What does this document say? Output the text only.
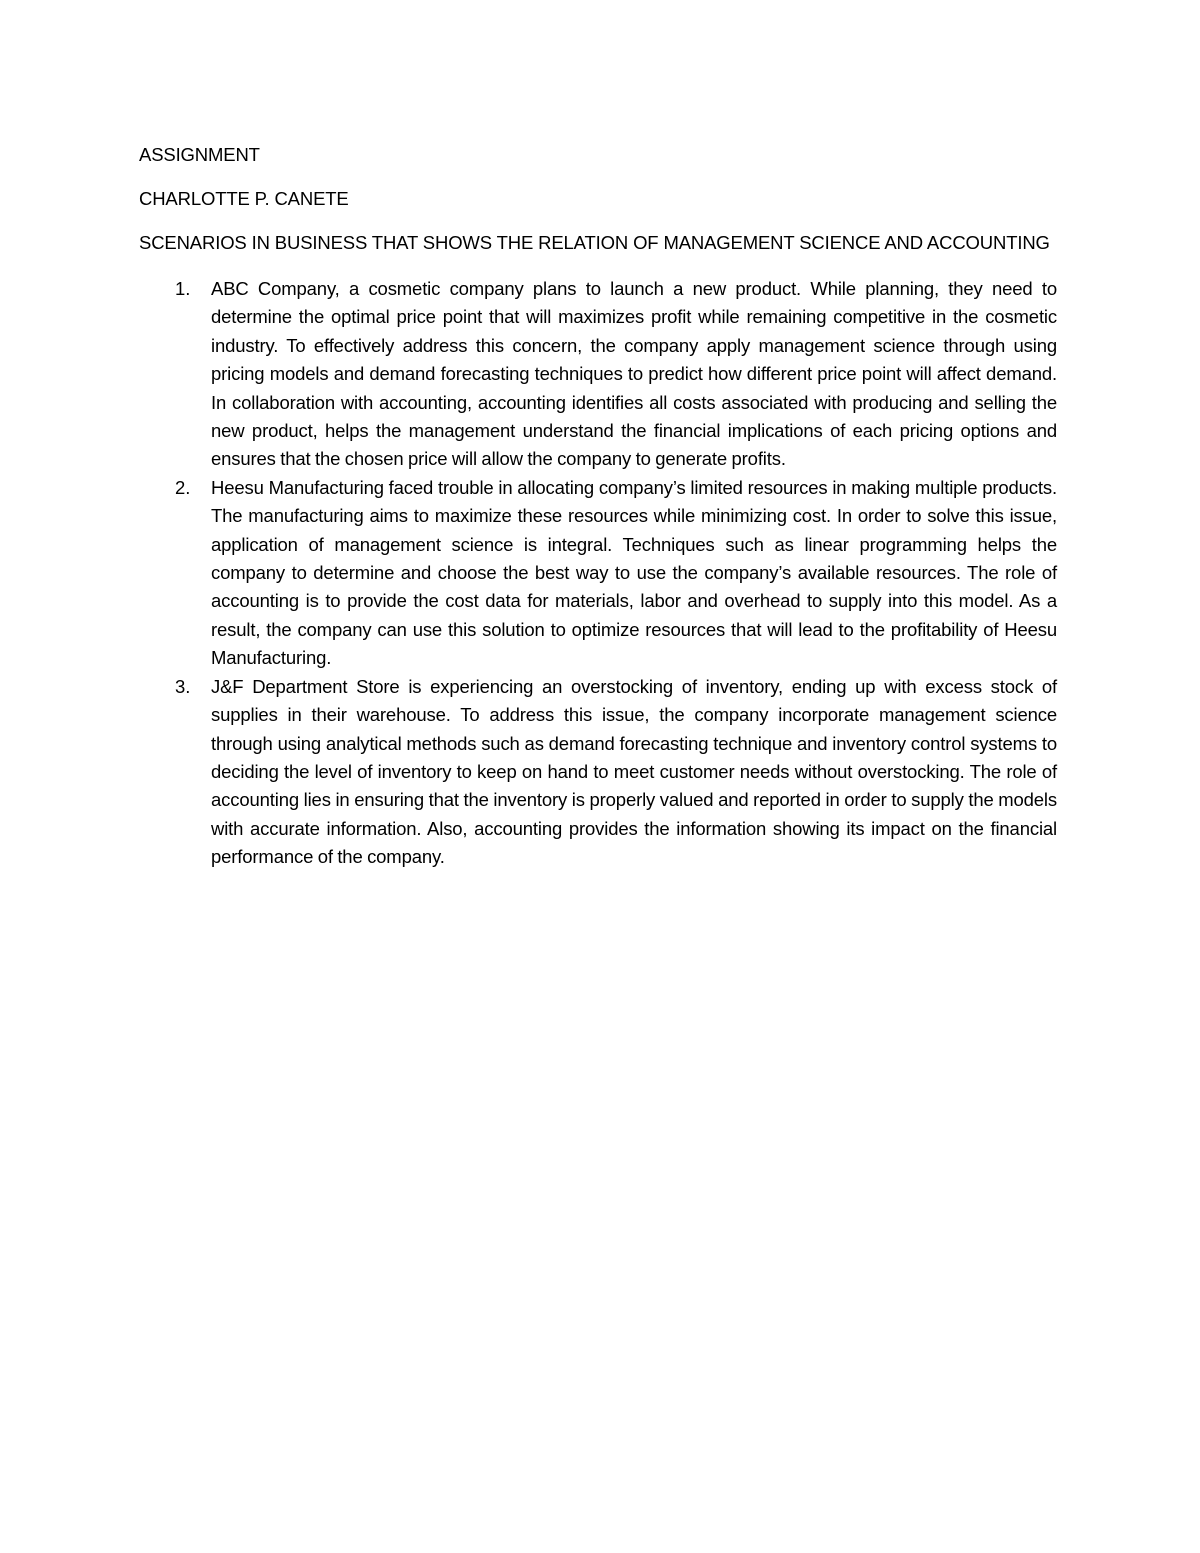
ASSIGNMENT

CHARLOTTE P. CANETE

SCENARIOS IN BUSINESS THAT SHOWS THE RELATION OF MANAGEMENT SCIENCE AND ACCOUNTING

1. ABC Company, a cosmetic company plans to launch a new product. While planning, they need to determine the optimal price point that will maximizes profit while remaining competitive in the cosmetic industry. To effectively address this concern, the company apply management science through using pricing models and demand forecasting techniques to predict how different price point will affect demand. In collaboration with accounting, accounting identifies all costs associated with producing and selling the new product, helps the management understand the financial implications of each pricing options and ensures that the chosen price will allow the company to generate profits.
2. Heesu Manufacturing faced trouble in allocating company’s limited resources in making multiple products. The manufacturing aims to maximize these resources while minimizing cost. In order to solve this issue, application of management science is integral. Techniques such as linear programming helps the company to determine and choose the best way to use the company’s available resources. The role of accounting is to provide the cost data for materials, labor and overhead to supply into this model. As a result, the company can use this solution to optimize resources that will lead to the profitability of Heesu Manufacturing.
3. J&F Department Store is experiencing an overstocking of inventory, ending up with excess stock of supplies in their warehouse. To address this issue, the company incorporate management science through using analytical methods such as demand forecasting technique and inventory control systems to deciding the level of inventory to keep on hand to meet customer needs without overstocking. The role of accounting lies in ensuring that the inventory is properly valued and reported in order to supply the models with accurate information. Also, accounting provides the information showing its impact on the financial performance of the company.
